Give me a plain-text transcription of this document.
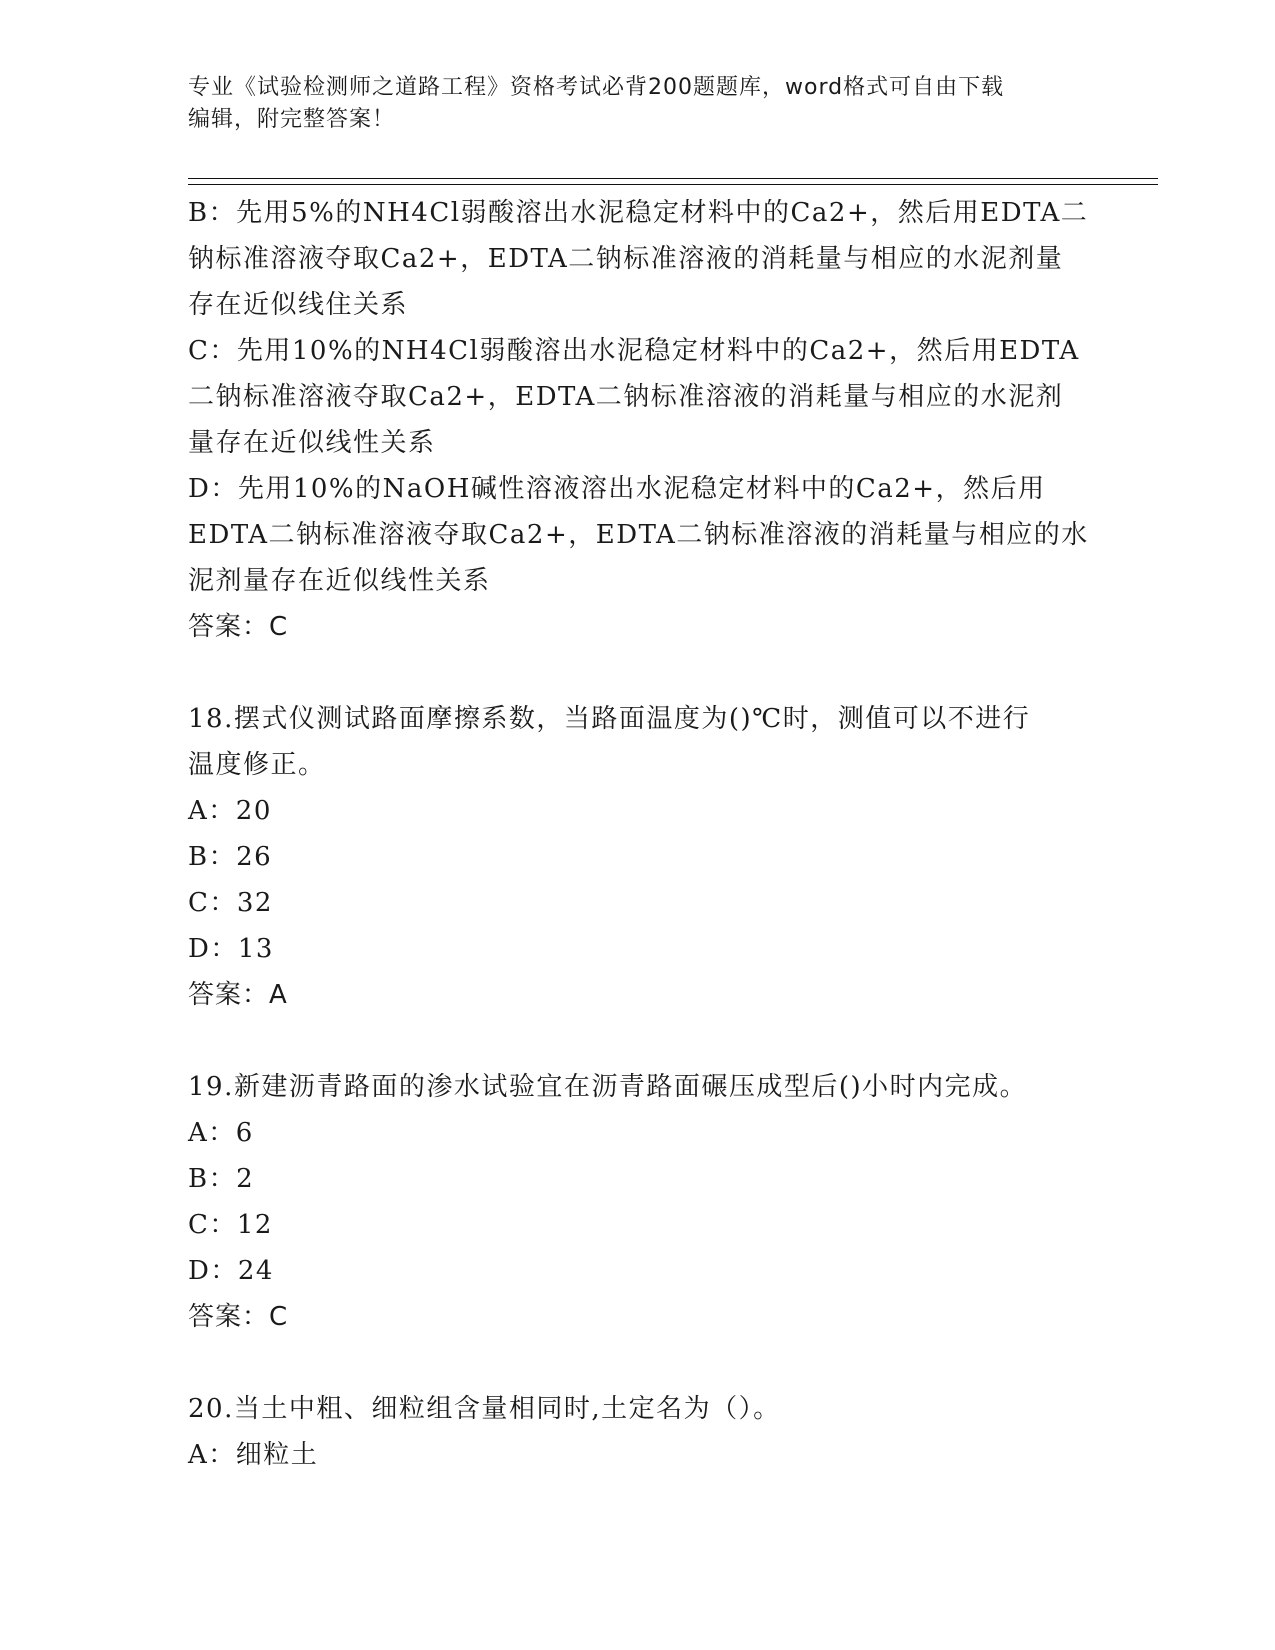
专业《试验检测师之道路工程》资格考试必背200题题库，word格式可自由下载
编辑，附完整答案！
B：先用5%的NH4Cl弱酸溶出水泥稳定材料中的Ca2+，然后用EDTA二
钠标准溶液夺取Ca2+，EDTA二钠标准溶液的消耗量与相应的水泥剂量
存在近似线住关系
C：先用10%的NH4Cl弱酸溶出水泥稳定材料中的Ca2+，然后用EDTA
二钠标准溶液夺取Ca2+，EDTA二钠标准溶液的消耗量与相应的水泥剂
量存在近似线性关系
D：先用10%的NaOH碱性溶液溶出水泥稳定材料中的Ca2+，然后用
EDTA二钠标准溶液夺取Ca2+，EDTA二钠标准溶液的消耗量与相应的水
泥剂量存在近似线性关系
答案：C
18.摆式仪测试路面摩擦系数，当路面温度为()℃时，测值可以不进行
温度修正。
A：20
B：26
C：32
D：13
答案：A
19.新建沥青路面的渗水试验宜在沥青路面碾压成型后()小时内完成。
A：6
B：2
C：12
D：24
答案：C
20.当土中粗、细粒组含量相同时,土定名为（）。
A：细粒土
